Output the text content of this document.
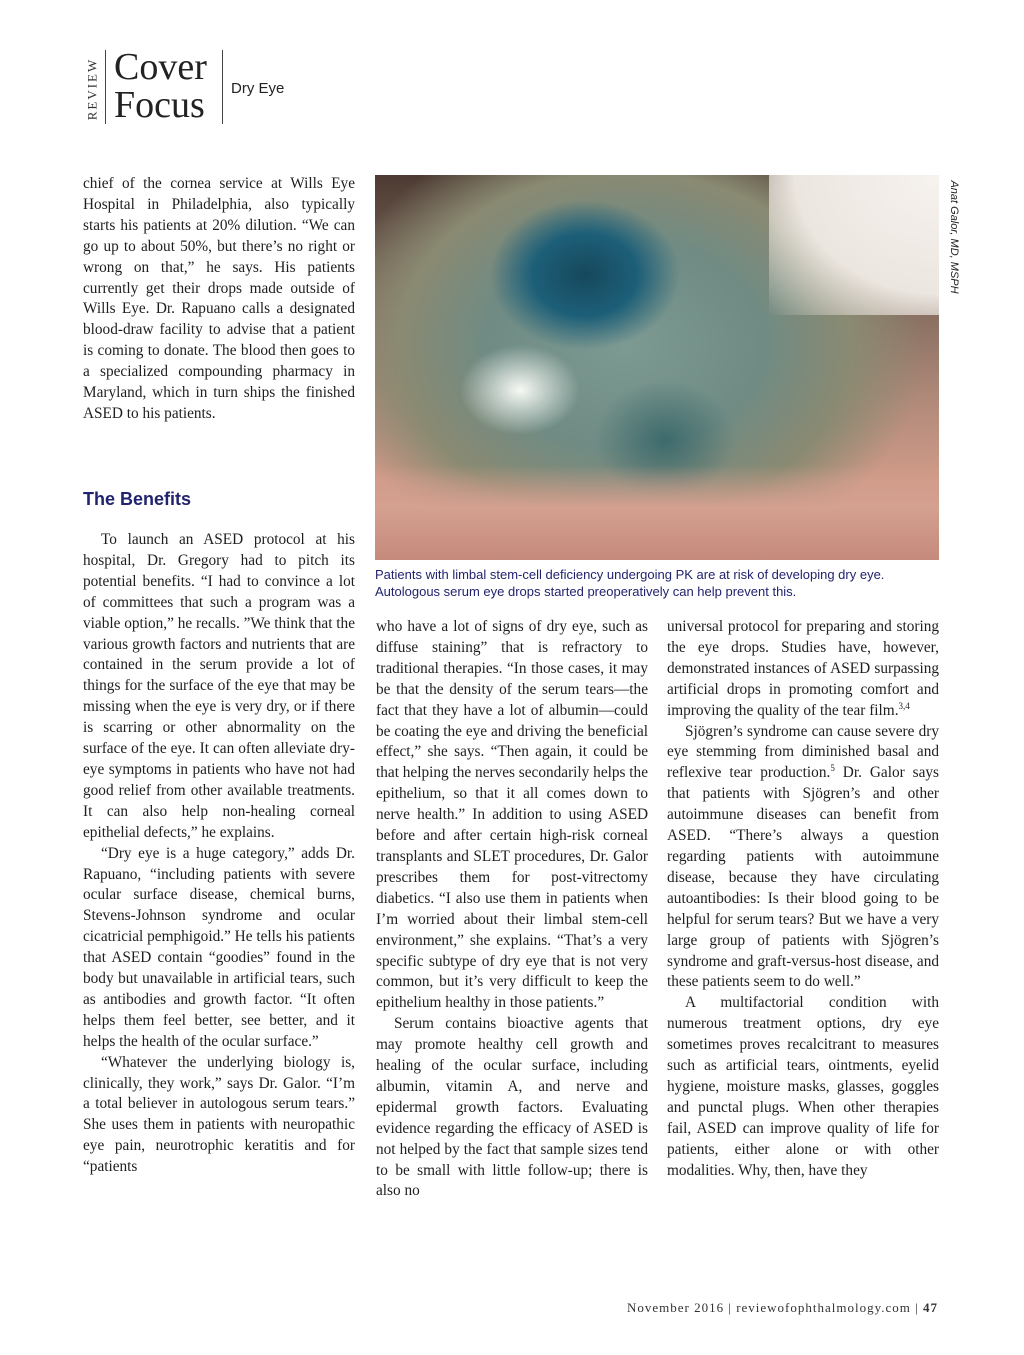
REVIEW Cover
Focus Dry Eye

chief of the cornea service at Wills Eye Hospital in Philadelphia, also typically starts his patients at 20% dilution. “We can go up to about 50%, but there’s no right or wrong on that,” he says. His patients currently get their drops made outside of Wills Eye. Dr. Rapuano calls a designated blood-draw facility to advise that a patient is coming to donate. The blood then goes to a specialized compounding pharmacy in Maryland, which in turn ships the finished ASED to his patients.

The Benefits

To launch an ASED protocol at his hospital, Dr. Gregory had to pitch its potential benefits. “I had to convince a lot of committees that such a program was a viable option,” he recalls. ”We think that the various growth factors and nutrients that are contained in the serum provide a lot of things for the surface of the eye that may be missing when the eye is very dry, or if there is scarring or other abnormality on the surface of the eye. It can often alleviate dry-eye symptoms in patients who have not had good relief from other available treatments. It can also help non-healing corneal epithelial defects,” he explains.

“Dry eye is a huge category,” adds Dr. Rapuano, “including patients with severe ocular surface disease, chemical burns, Stevens-Johnson syndrome and ocular cicatricial pemphigoid.” He tells his patients that ASED contain “goodies” found in the body but unavailable in artificial tears, such as antibodies and growth factor. “It often helps them feel better, see better, and it helps the health of the ocular surface.”

“Whatever the underlying biology is, clinically, they work,” says Dr. Galor. “I’m a total believer in autologous serum tears.” She uses them in patients with neuropathic eye pain, neurotrophic keratitis and for “patients

Anat Galor, MD, MSPH
Patients with limbal stem-cell deficiency undergoing PK are at risk of developing dry eye. Autologous serum eye drops started preoperatively can help prevent this.

who have a lot of signs of dry eye, such as diffuse staining” that is refractory to traditional therapies. “In those cases, it may be that the density of the serum tears—the fact that they have a lot of albumin—could be coating the eye and driving the beneficial effect,” she says. “Then again, it could be that helping the nerves secondarily helps the epithelium, so that it all comes down to nerve health.” In addition to using ASED before and after certain high-risk corneal transplants and SLET procedures, Dr. Galor prescribes them for post-vitrectomy diabetics. “I also use them in patients when I’m worried about their limbal stem-cell environment,” she explains. “That’s a very specific subtype of dry eye that is not very common, but it’s very difficult to keep the epithelium healthy in those patients.”

Serum contains bioactive agents that may promote healthy cell growth and healing of the ocular surface, including albumin, vitamin A, and nerve and epidermal growth factors. Evaluating evidence regarding the efficacy of ASED is not helped by the fact that sample sizes tend to be small with little follow-up; there is also no

universal protocol for preparing and storing the eye drops. Studies have, however, demonstrated instances of ASED surpassing artificial drops in promoting comfort and improving the quality of the tear film.$^{3,4}$

Sjögren’s syndrome can cause severe dry eye stemming from diminished basal and reflexive tear production.$^5$ Dr. Galor says that patients with Sjögren’s and other autoimmune diseases can benefit from ASED. “There’s always a question regarding patients with autoimmune disease, because they have circulating autoantibodies: Is their blood going to be helpful for serum tears? But we have a very large group of patients with Sjögren’s syndrome and graft-versus-host disease, and these patients seem to do well.”

A multifactorial condition with numerous treatment options, dry eye sometimes proves recalcitrant to measures such as artificial tears, ointments, eyelid hygiene, moisture masks, glasses, goggles and punctal plugs. When other therapies fail, ASED can improve quality of life for patients, either alone or with other modalities. Why, then, have they

November 2016 | reviewofophthalmology.com | 47
